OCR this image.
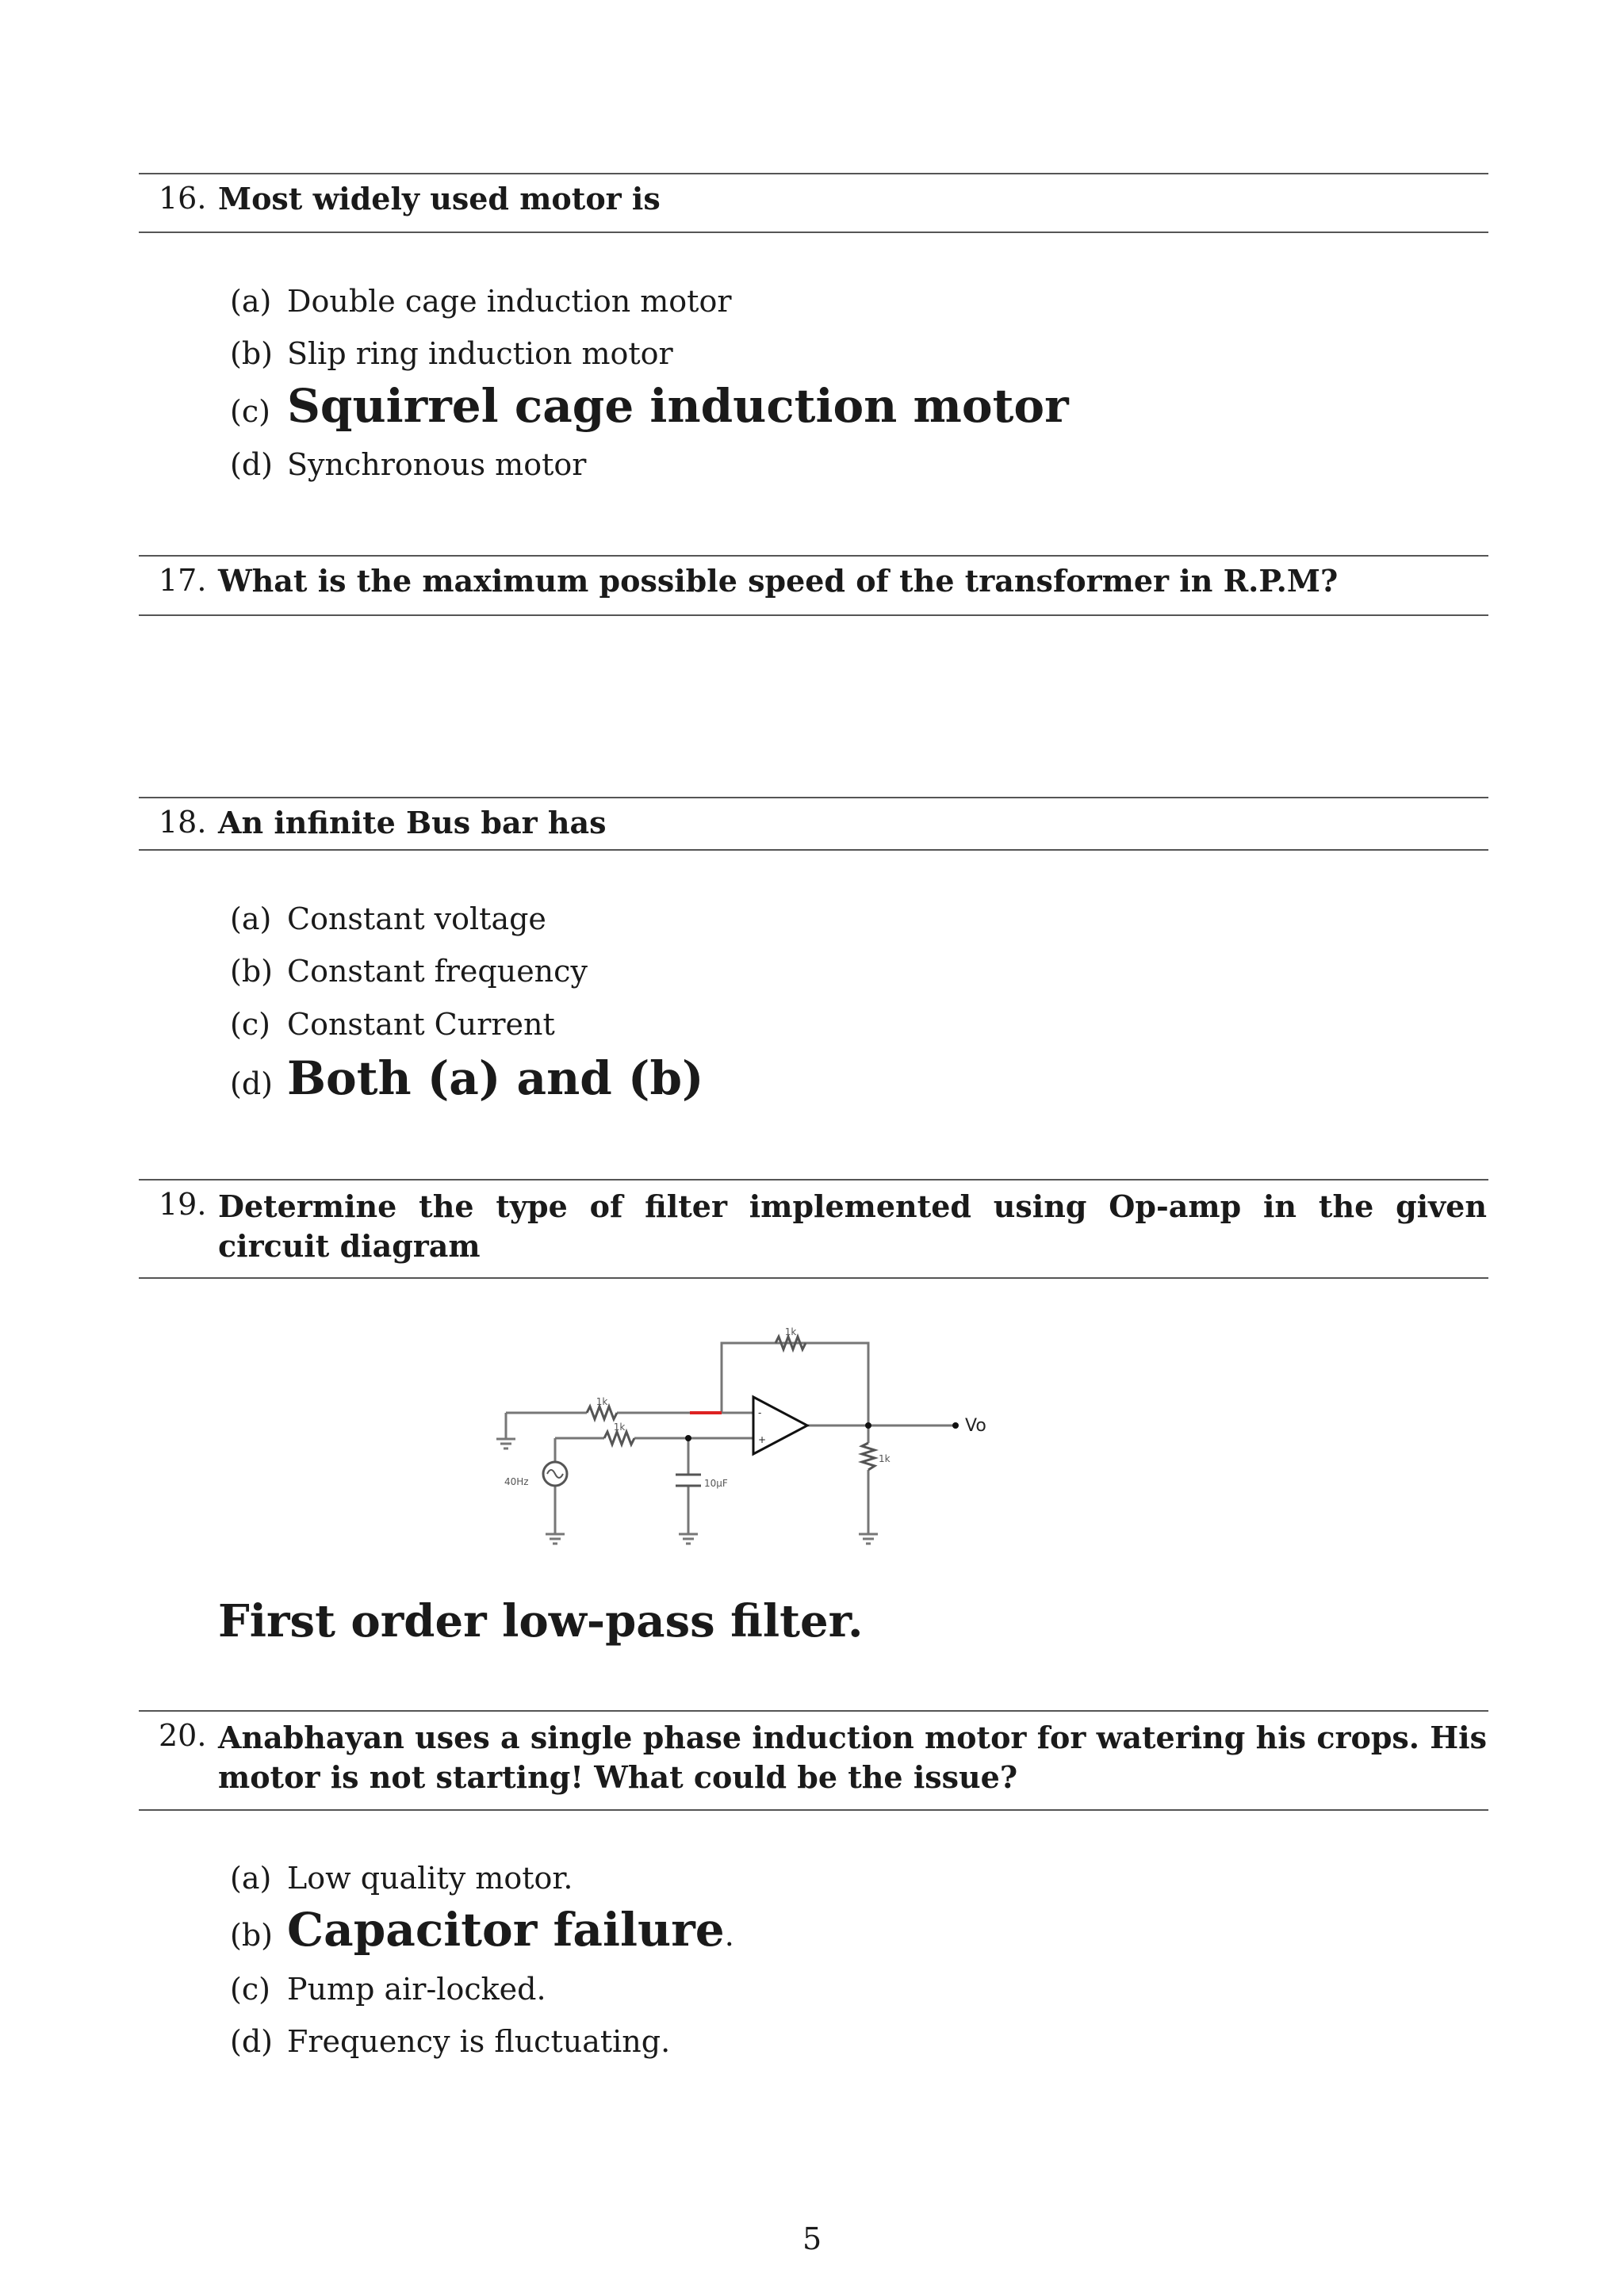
16. Most widely used motor is
(a) Double cage induction motor
(b) Slip ring induction motor
(c) Squirrel cage induction motor
(d) Synchronous motor
17. What is the maximum possible speed of the transformer in R.P.M?
18. An infinite Bus bar has
(a) Constant voltage
(b) Constant frequency
(c) Constant Current
(d) Both (a) and (b)
19. Determine the type of filter implemented using Op-amp in the given circuit diagram
1k
1k
1k
1k
40Hz	10µF
Vo
-
+
First order low-pass filter.
20. Anabhayan uses a single phase induction motor for watering his crops. His motor is not starting! What could be the issue?
(a) Low quality motor.
(b) Capacitor failure.
(c) Pump air-locked.
(d) Frequency is fluctuating.
5
